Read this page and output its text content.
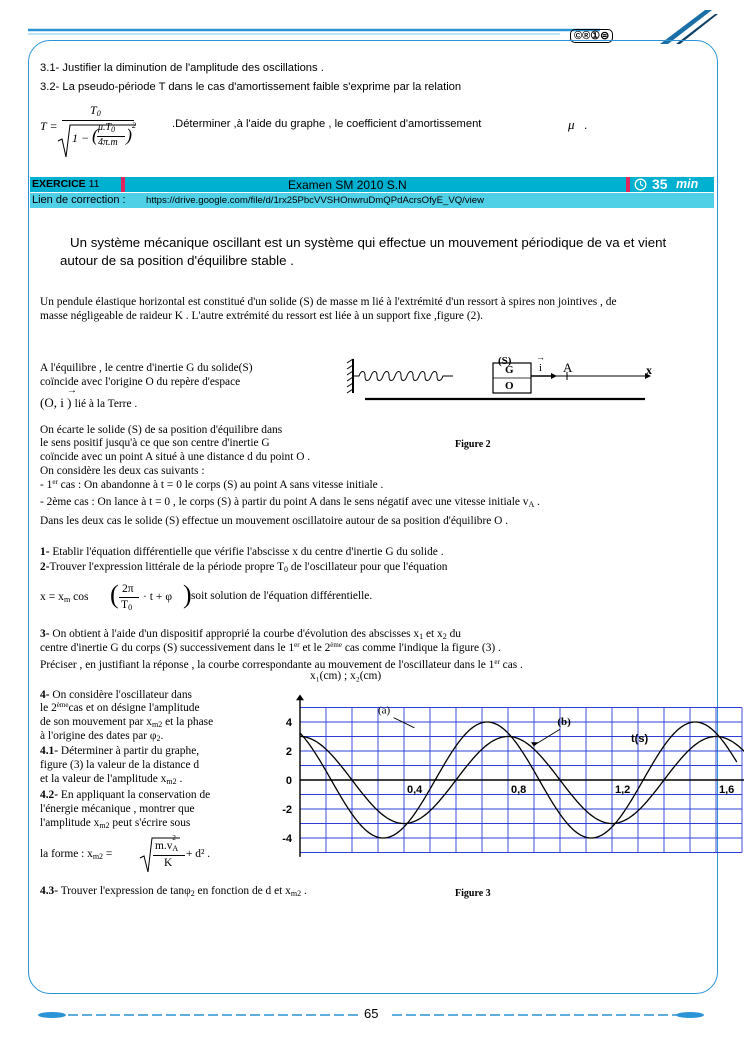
©®①⊜

3.1- Justifier la diminution de l'amplitude des oscillations .

3.2- La pseudo-période T dans le cas d'amortissement faible s'exprime par la relation

T =
$T_0$
1 − ( $\mu.T_0$
4π.m ) 2	.Déterminer ,à l'aide du graphe , le coefficient d'amortissement	μ .
EXERCICE 11	Examen SM 2010 S.N	35 min
Lien de correction : https://drive.google.com/file/d/1rx25PbcVVSHOnwruDmQPdAcrsOfyE_VQ/view

Un système mécanique oscillant est un système qui effectue un mouvement périodique de va et vient autour de sa position d'équilibre stable .

Un pendule élastique horizontal est constitué d'un solide (S) de masse m lié à l'extrémité d'un ressort à spires non jointives , de masse négligeable de raideur K . L'autre extrémité du ressort est liée à un support fixe ,figure (2).

A l'équilibre , le centre d'inertie G du solide(S)

coïncide avec l'origine O du repère d'espace

(O, i )
→
lié à la Terre .

On écarte le solide (S) de sa position d'équilibre dans

le sens positif jusqu'à ce que son centre d'inertie G

coïncide avec un point A situé à une distance d du point O .

On considère les deux cas suivants :

- 1er cas : On abandonne à t = 0 le corps (S) au point A sans vitesse initiale .

- 2ème cas : On lance à t = 0 , le corps (S) à partir du point A dans le sens négatif avec une vitesse initiale $v_A$ .

Dans les deux cas le solide (S) effectue un mouvement oscillatoire autour de sa position d'équilibre O .

(S)
G
O
i
→
A	x
Figure 2

1- Etablir l'équation différentielle que vérifie l'abscisse x du centre d'inertie G du solide .

2-Trouver l'expression littérale de la période propre $T_0$ de l'oscillateur pour que l'équation

$x = x_m$ cos ( 2π
$T_0$
· t + φ ) soit solution de l'équation différentielle.

3- On obtient à l'aide d'un dispositif approprié la courbe d'évolution des abscisses $x_1$ et $x_2$ du

centre d'inertie G du corps (S) successivement dans le 1er et le 2ème cas comme l'indique la figure (3) .

Préciser , en justifiant la réponse , la courbe correspondante au mouvement de l'oscillateur dans le 1er cas .

4- On considère l'oscillateur dans

le 2èmecas et on désigne l'amplitude

de son mouvement par $x_{m2}$ et la phase

à l'origine des dates par $\varphi_2$.

4.1- Déterminer à partir du graphe,

figure (3) la valeur de la distance d

et la valeur de l'amplitude $x_{m2}$ .

4.2- En appliquant la conservation de

l'énergie mécanique , montrer que

l'amplitude $x_{m2}$ peut s'écrire sous

la forme : $x_{m2}$ =
$m.v_A$
2
K
+ d² .

4.3- Trouver l'expression de tanφ$_2$ en fonction de d et $x_{m2}$ .

0,4	0,8	1,2	1,6
4
2
0
-2
-4
(a)
(b)
x₁(cm) ; x₂(cm)
t(s)
Figure 3
65
